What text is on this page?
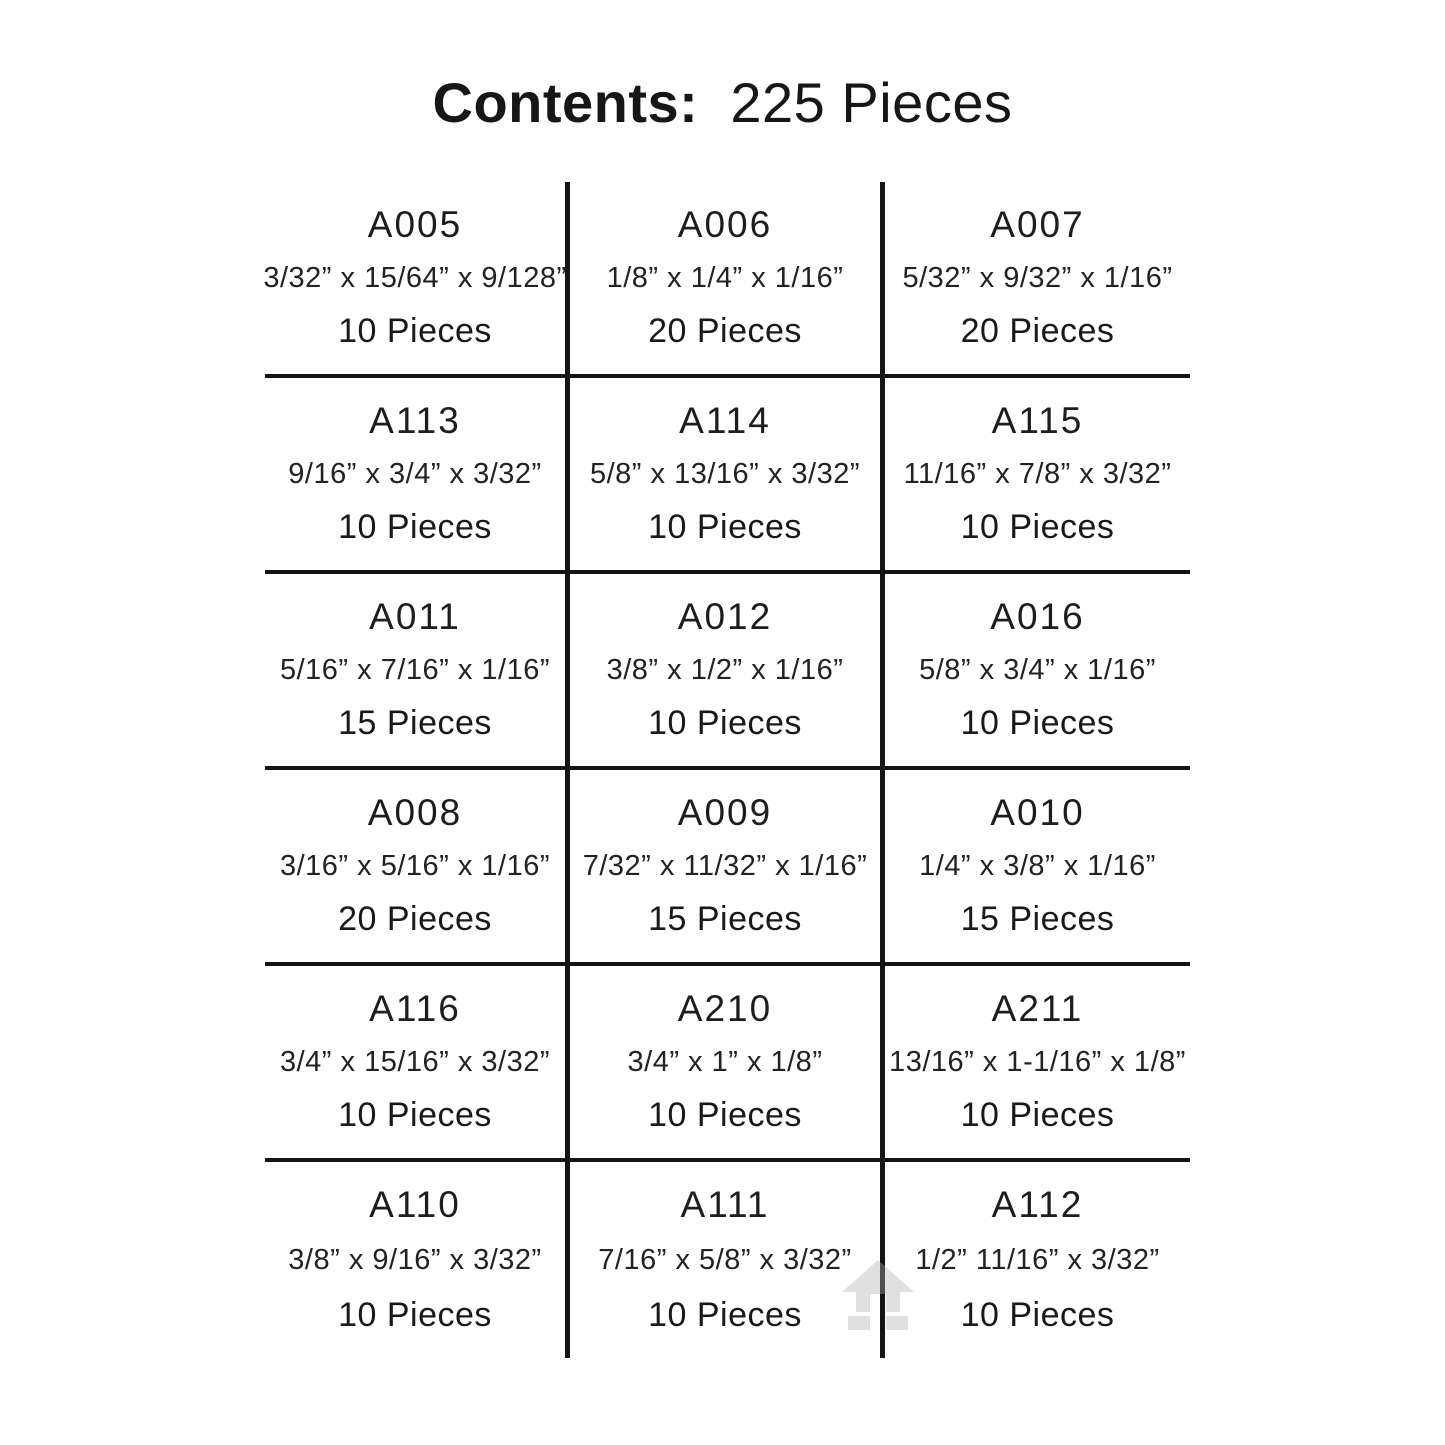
Contents: 225 Pieces
A005
3/32” x 15/64” x 9/128”
10 Pieces
A006
1/8” x 1/4” x 1/16”
20 Pieces
A007
5/32” x 9/32” x 1/16”
20 Pieces
A113
9/16” x 3/4” x 3/32”
10 Pieces
A114
5/8” x 13/16” x 3/32”
10 Pieces
A115
11/16” x 7/8” x 3/32”
10 Pieces
A011
5/16” x 7/16” x 1/16”
15 Pieces
A012
3/8” x 1/2” x 1/16”
10 Pieces
A016
5/8” x 3/4” x 1/16”
10 Pieces
A008
3/16” x 5/16” x 1/16”
20 Pieces
A009
7/32” x 11/32” x 1/16”
15 Pieces
A010
1/4” x 3/8” x 1/16”
15 Pieces
A116
3/4” x 15/16” x 3/32”
10 Pieces
A210
3/4” x 1” x 1/8”
10 Pieces
A211
13/16” x 1-1/16” x 1/8”
10 Pieces
A110
3/8” x 9/16” x 3/32”
10 Pieces
A111
7/16” x 5/8” x 3/32”
10 Pieces
A112
1/2” 11/16” x 3/32”
10 Pieces
